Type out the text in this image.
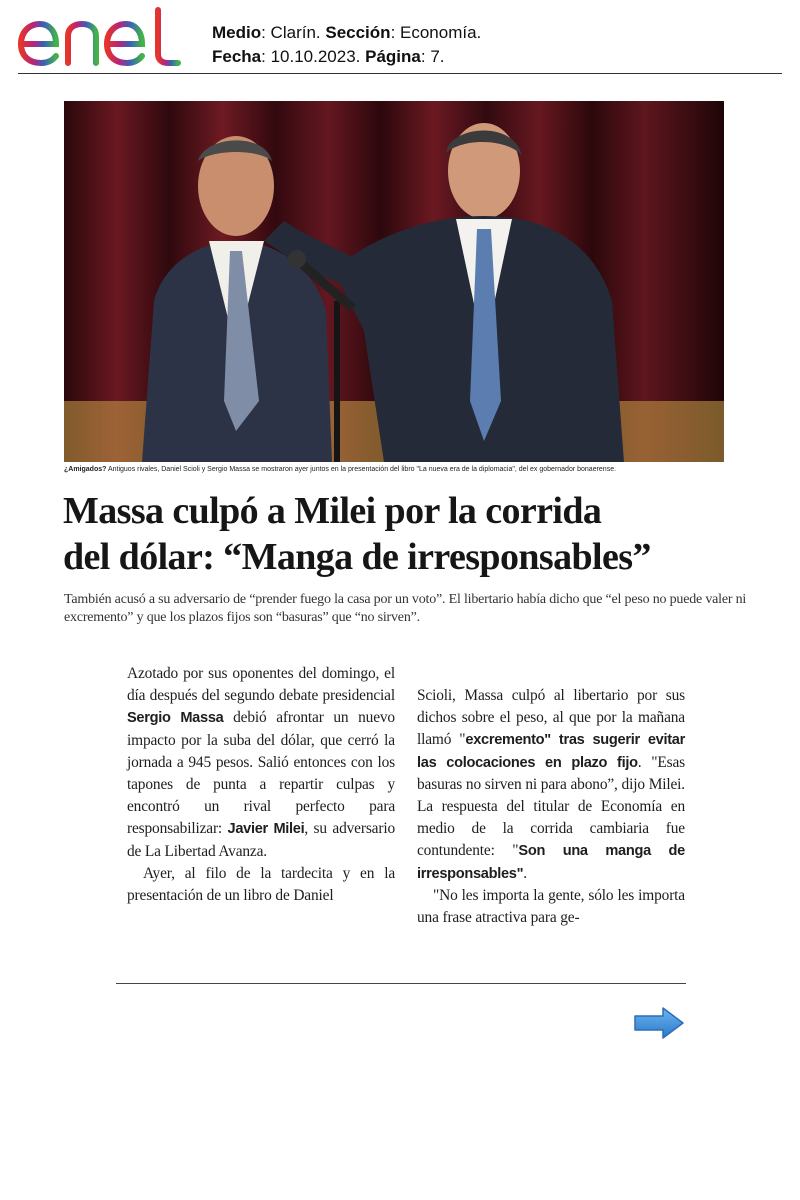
Medio: Clarín. Sección: Economía.
Fecha: 10.10.2023. Página: 7.
¿Amigados? Antiguos rivales, Daniel Scioli y Sergio Massa se mostraron ayer juntos en la presentación del libro "La nueva era de la diplomacia", del ex gobernador bonaerense.
Massa culpó a Milei por la corrida
del dólar: “Manga de irresponsables”

También acusó a su adversario de “prender fuego la casa por un voto”. El libertario había dicho que “el peso no puede valer ni excremento” y que los plazos fijos son “basuras” que “no sirven”.

Azotado por sus oponentes del domingo, el día después del segundo debate presidencial Sergio Massa debió afrontar un nuevo impacto por la suba del dólar, que cerró la jornada a 945 pesos. Salió entonces con los tapones de punta a repartir culpas y encontró un rival perfecto para responsabilizar: Javier Milei, su adversario de La Libertad Avanza.

Ayer, al filo de la tardecita y en la presentación de un libro de Daniel

Scioli, Massa culpó al libertario por sus dichos sobre el peso, al que por la mañana llamó "excremento" tras sugerir evitar las colocaciones en plazo fijo. "Esas basuras no sirven ni para abono”, dijo Milei. La respuesta del titular de Economía en medio de la corrida cambiaria fue contundente: "Son una manga de irresponsables".

"No les importa la gente, sólo les importa una frase atractiva para ge-
